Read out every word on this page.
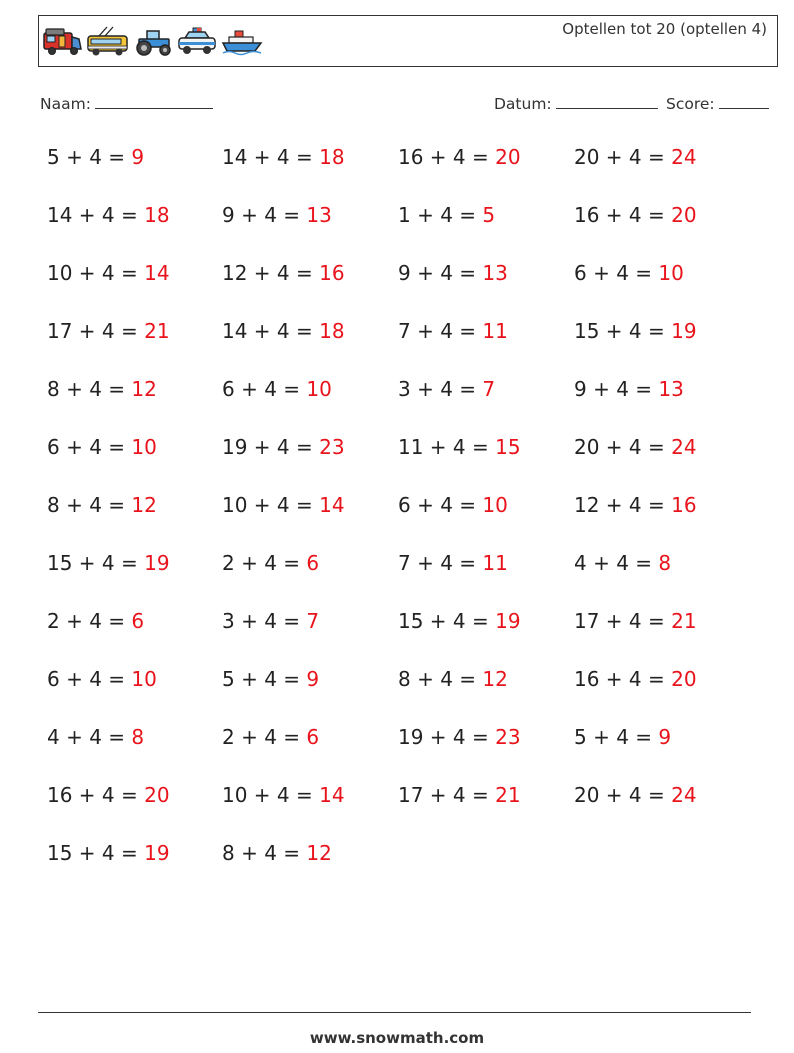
Optellen tot 20 (optellen 4)
Naam:	Datum:	Score:
5 + 4 = 9	14 + 4 = 18	16 + 4 = 20	20 + 4 = 24
14 + 4 = 18	9 + 4 = 13	1 + 4 = 5	16 + 4 = 20
10 + 4 = 14	12 + 4 = 16	9 + 4 = 13	6 + 4 = 10
17 + 4 = 21	14 + 4 = 18	7 + 4 = 11	15 + 4 = 19
8 + 4 = 12	6 + 4 = 10	3 + 4 = 7	9 + 4 = 13
6 + 4 = 10	19 + 4 = 23	11 + 4 = 15	20 + 4 = 24
8 + 4 = 12	10 + 4 = 14	6 + 4 = 10	12 + 4 = 16
15 + 4 = 19	2 + 4 = 6	7 + 4 = 11	4 + 4 = 8
2 + 4 = 6	3 + 4 = 7	15 + 4 = 19	17 + 4 = 21
6 + 4 = 10	5 + 4 = 9	8 + 4 = 12	16 + 4 = 20
4 + 4 = 8	2 + 4 = 6	19 + 4 = 23	5 + 4 = 9
16 + 4 = 20	10 + 4 = 14	17 + 4 = 21	20 + 4 = 24
15 + 4 = 19	8 + 4 = 12
www.snowmath.com
